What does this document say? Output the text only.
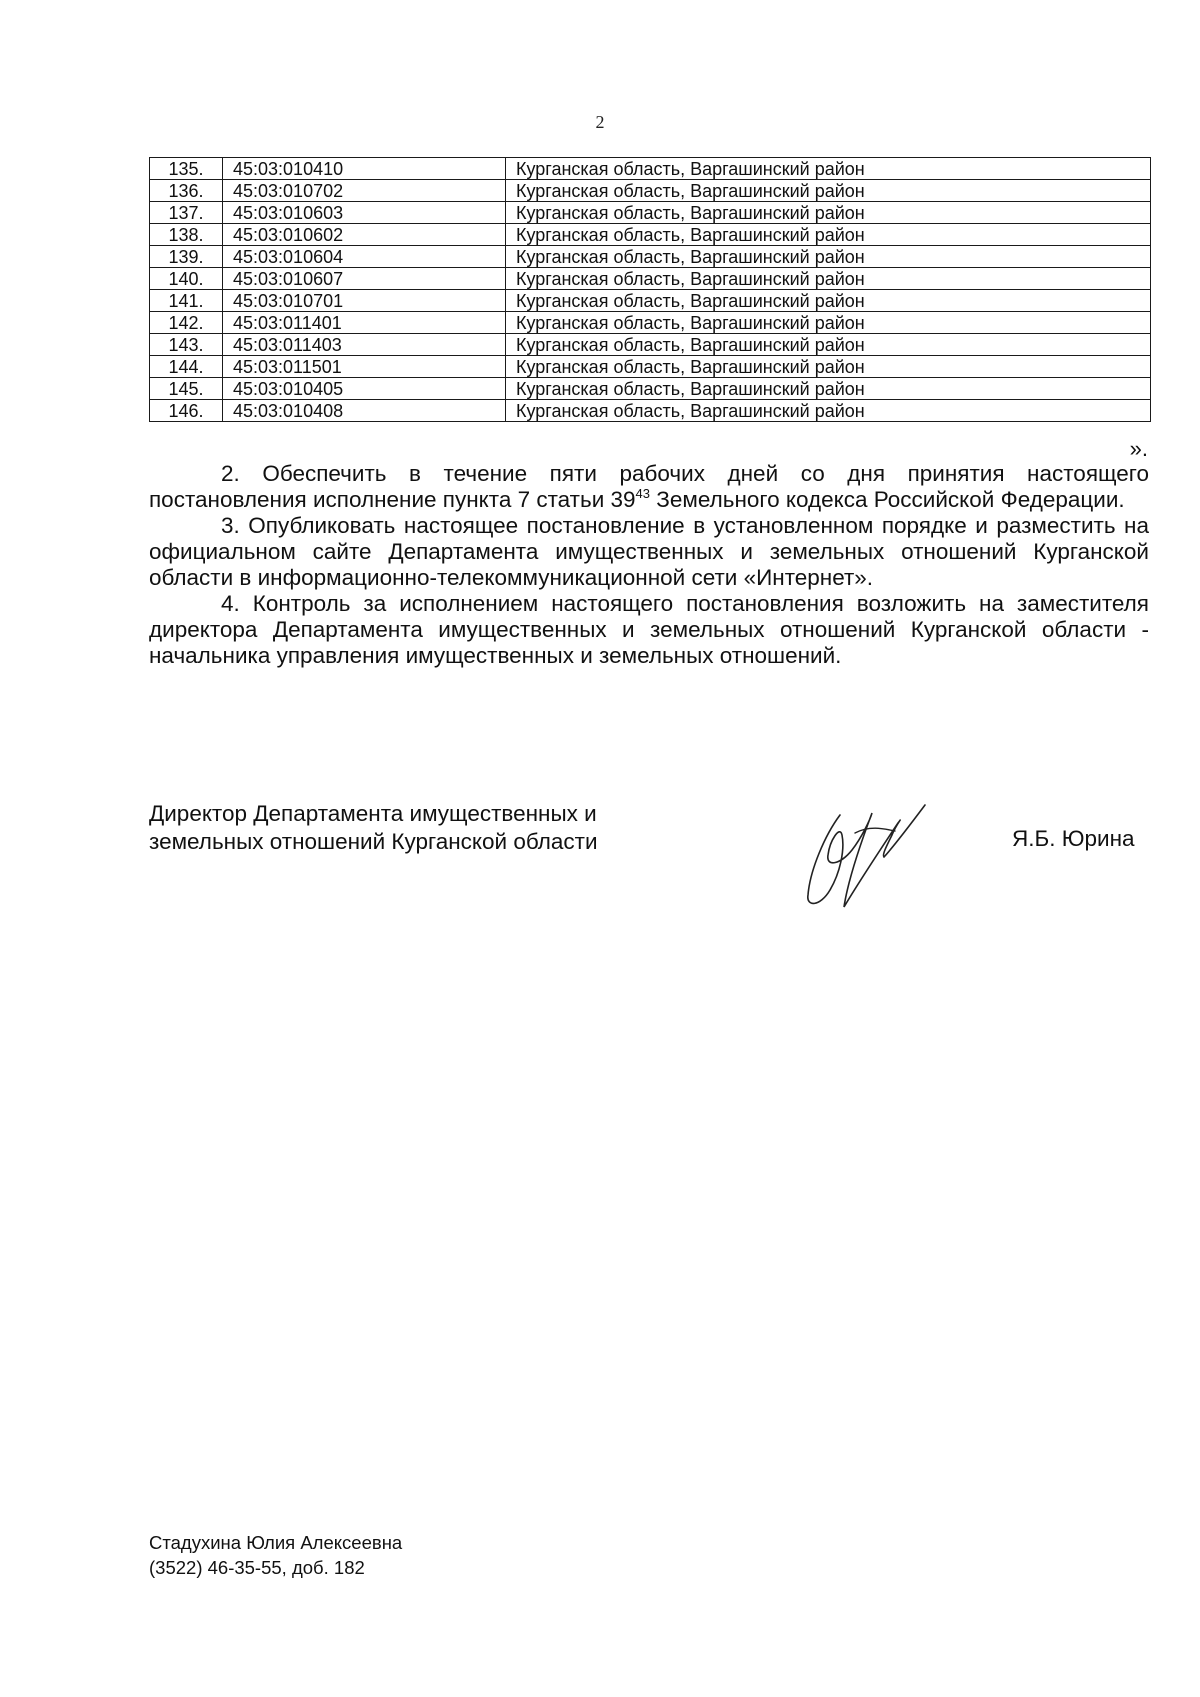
2
135.	45:03:010410	Курганская область, Варгашинский район
136.	45:03:010702	Курганская область, Варгашинский район
137.	45:03:010603	Курганская область, Варгашинский район
138.	45:03:010602	Курганская область, Варгашинский район
139.	45:03:010604	Курганская область, Варгашинский район
140.	45:03:010607	Курганская область, Варгашинский район
141.	45:03:010701	Курганская область, Варгашинский район
142.	45:03:011401	Курганская область, Варгашинский район
143.	45:03:011403	Курганская область, Варгашинский район
144.	45:03:011501	Курганская область, Варгашинский район
145.	45:03:010405	Курганская область, Варгашинский район
146.	45:03:010408	Курганская область, Варгашинский район
».

2. Обеспечить в течение пяти рабочих дней со дня принятия настоящего постановления исполнение пункта 7 статьи $39^{43}$ Земельного кодекса Российской Федерации.

3. Опубликовать настоящее постановление в установленном порядке и разместить на официальном сайте Департамента имущественных и земельных отношений Курганской области в информационно-телекоммуникационной сети «Интернет».

4. Контроль за исполнением настоящего постановления возложить на заместителя директора Департамента имущественных и земельных отношений Курганской области - начальника управления имущественных и земельных отношений.

Директор Департамента имущественных и
земельных отношений Курганской области	Я.Б. Юрина
Стадухина Юлия Алексеевна
(3522) 46-35-55, доб. 182
